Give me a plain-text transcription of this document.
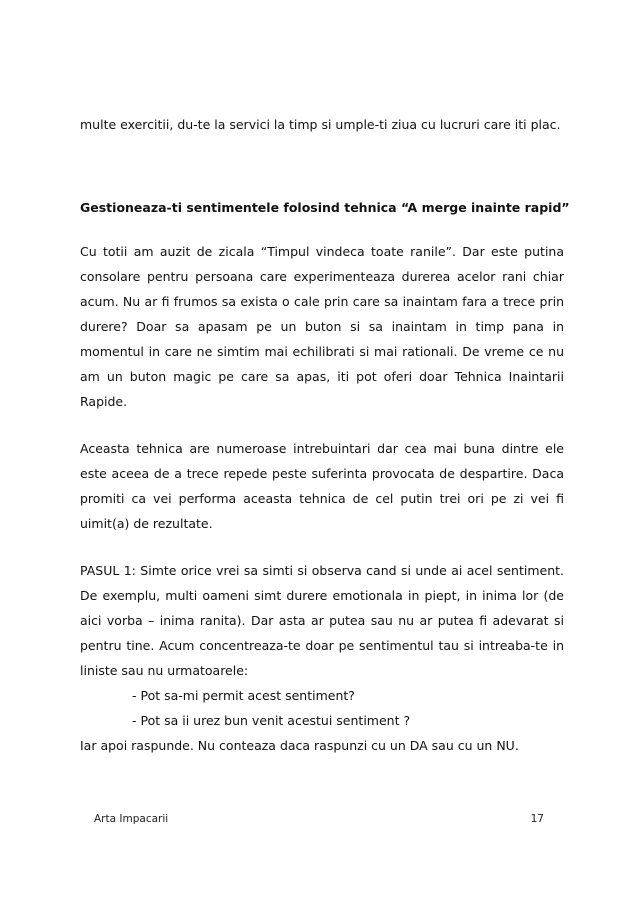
multe exercitii, du-te la servici la timp si umple-ti ziua cu lucruri care iti plac.

Gestioneaza-ti sentimentele folosind tehnica “A merge inainte rapid”

Cu totii am auzit de zicala “Timpul vindeca toate ranile”. Dar este putina consolare pentru persoana care experimenteaza durerea acelor rani chiar acum. Nu ar fi frumos sa exista o cale prin care sa inaintam fara a trece prin durere? Doar sa apasam pe un buton si sa inaintam in timp pana in momentul in care ne simtim mai echilibrati si mai rationali. De vreme ce nu am un buton magic pe care sa apas, iti pot oferi doar Tehnica Inaintarii Rapide.

Aceasta tehnica are numeroase intrebuintari dar cea mai buna dintre ele este aceea de a trece repede peste suferinta provocata de despartire. Daca promiti ca vei performa aceasta tehnica de cel putin trei ori pe zi vei fi uimit(a) de rezultate.

PASUL 1: Simte orice vrei sa simti si observa cand si unde ai acel sentiment. De exemplu, multi oameni simt durere emotionala in piept, in inima lor (de aici vorba – inima ranita). Dar asta ar putea sau nu ar putea fi adevarat si pentru tine. Acum concentreaza-te doar pe sentimentul tau si intreaba-te in liniste sau nu urmatoarele:

- Pot sa-mi permit acest sentiment?

- Pot sa ii urez bun venit acestui sentiment ?

Iar apoi raspunde. Nu conteaza daca raspunzi cu un DA sau cu un NU.

Arta Impacarii	17
